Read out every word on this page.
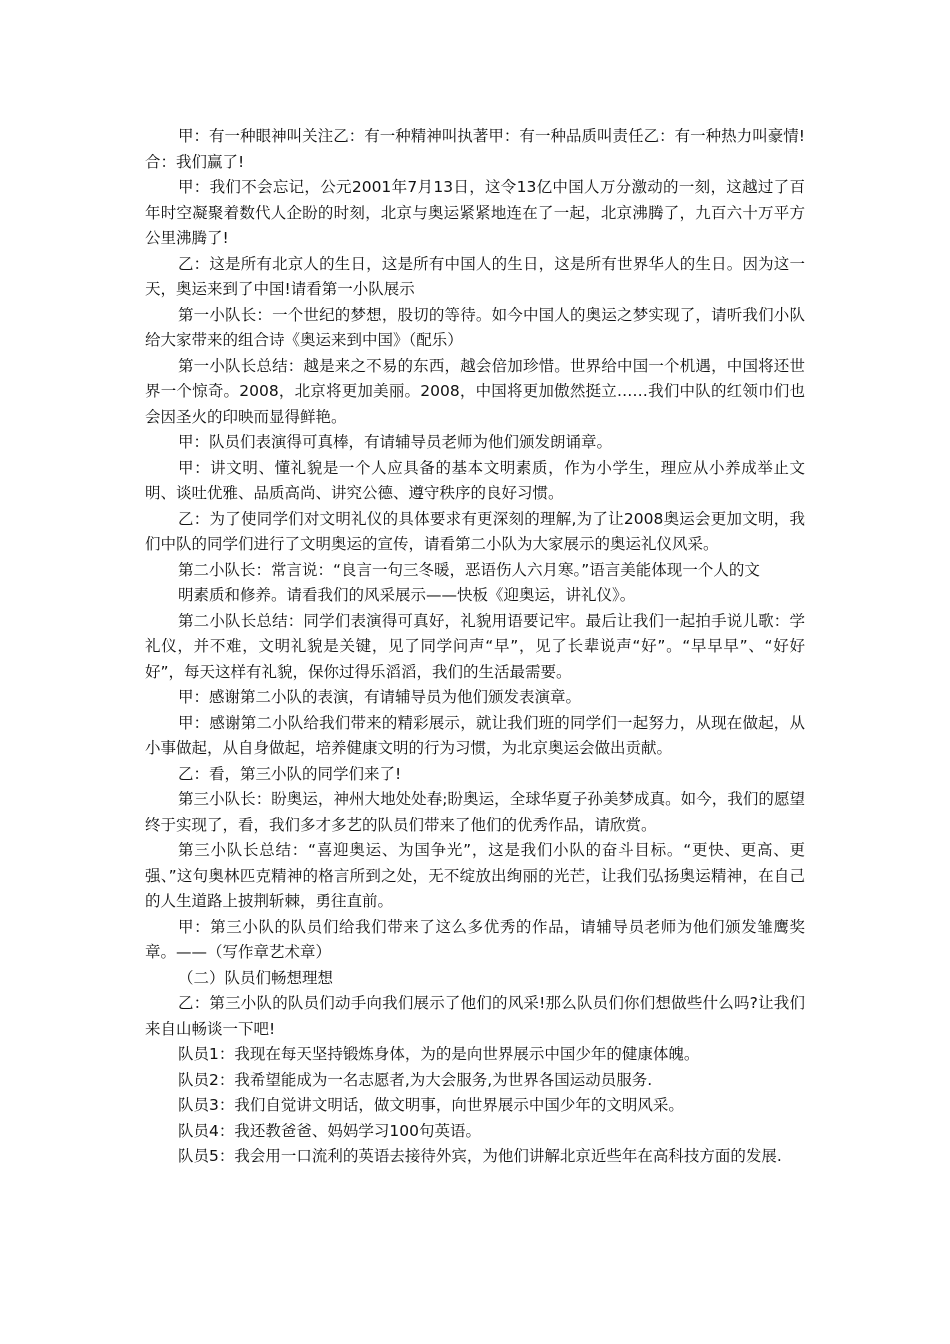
甲：有一种眼神叫关注乙：有一种精神叫执著甲：有一种品质叫责任乙：有一种热力叫豪情!合：我们赢了!

甲：我们不会忘记，公元2001年7月13日，这令13亿中国人万分激动的一刻，这越过了百年时空凝聚着数代人企盼的时刻，北京与奥运紧紧地连在了一起，北京沸腾了，九百六十万平方公里沸腾了!

乙：这是所有北京人的生日，这是所有中国人的生日，这是所有世界华人的生日。因为这一天，奥运来到了中国!请看第一小队展示

第一小队长：一个世纪的梦想，股切的等待。如今中国人的奥运之梦实现了，请听我们小队给大家带来的组合诗《奥运来到中国》（配乐）

第一小队长总结：越是来之不易的东西，越会倍加珍惜。世界给中国一个机遇，中国将还世界一个惊奇。2008，北京将更加美丽。2008，中国将更加傲然挺立……我们中队的红领巾们也会因圣火的印映而显得鲜艳。

甲：队员们表演得可真棒，有请辅导员老师为他们颁发朗诵章。

甲：讲文明、懂礼貌是一个人应具备的基本文明素质，作为小学生，理应从小养成举止文明、谈吐优雅、品质高尚、讲究公德、遵守秩序的良好习惯。

乙：为了使同学们对文明礼仪的具体要求有更深刻的理解,为了让2008奥运会更加文明，我们中队的同学们进行了文明奥运的宣传，请看第二小队为大家展示的奥运礼仪风采。

第二小队长：常言说：“良言一句三冬暖，恶语伤人六月寒。”语言美能体现一个人的文

明素质和修养。请看我们的风采展示——快板《迎奥运，讲礼仪》。

第二小队长总结：同学们表演得可真好，礼貌用语要记牢。最后让我们一起拍手说儿歌：学礼仪，并不难，文明礼貌是关键，见了同学问声“早”，见了长辈说声“好”。“早早早”、“好好好”，每天这样有礼貌，保你过得乐滔滔，我们的生活最需要。

甲：感谢第二小队的表演，有请辅导员为他们颁发表演章。

甲：感谢第二小队给我们带来的精彩展示，就让我们班的同学们一起努力，从现在做起，从小事做起，从自身做起，培养健康文明的行为习惯，为北京奥运会做出贡献。

乙：看，第三小队的同学们来了!

第三小队长：盼奥运，神州大地处处春;盼奥运，全球华夏子孙美梦成真。如今，我们的愿望终于实现了，看，我们多才多艺的队员们带来了他们的优秀作品，请欣赏。

第三小队长总结：“喜迎奥运、为国争光”，这是我们小队的奋斗目标。“更快、更高、更强、”这句奥林匹克精神的格言所到之处，无不绽放出绚丽的光芒，让我们弘扬奥运精神，在自己的人生道路上披荆斩棘，勇往直前。

甲：第三小队的队员们给我们带来了这么多优秀的作品，请辅导员老师为他们颁发雏鹰奖章。——（写作章艺术章）

（二）队员们畅想理想

乙：第三小队的队员们动手向我们展示了他们的风采!那么队员们你们想做些什么吗?让我们来自山畅谈一下吧!

队员1：我现在每天坚持锻炼身体，为的是向世界展示中国少年的健康体魄。

队员2：我希望能成为一名志愿者,为大会服务,为世界各国运动员服务.

队员3：我们自觉讲文明话，做文明事，向世界展示中国少年的文明风采。

队员4：我还教爸爸、妈妈学习100句英语。

队员5：我会用一口流利的英语去接待外宾，为他们讲解北京近些年在高科技方面的发展.
